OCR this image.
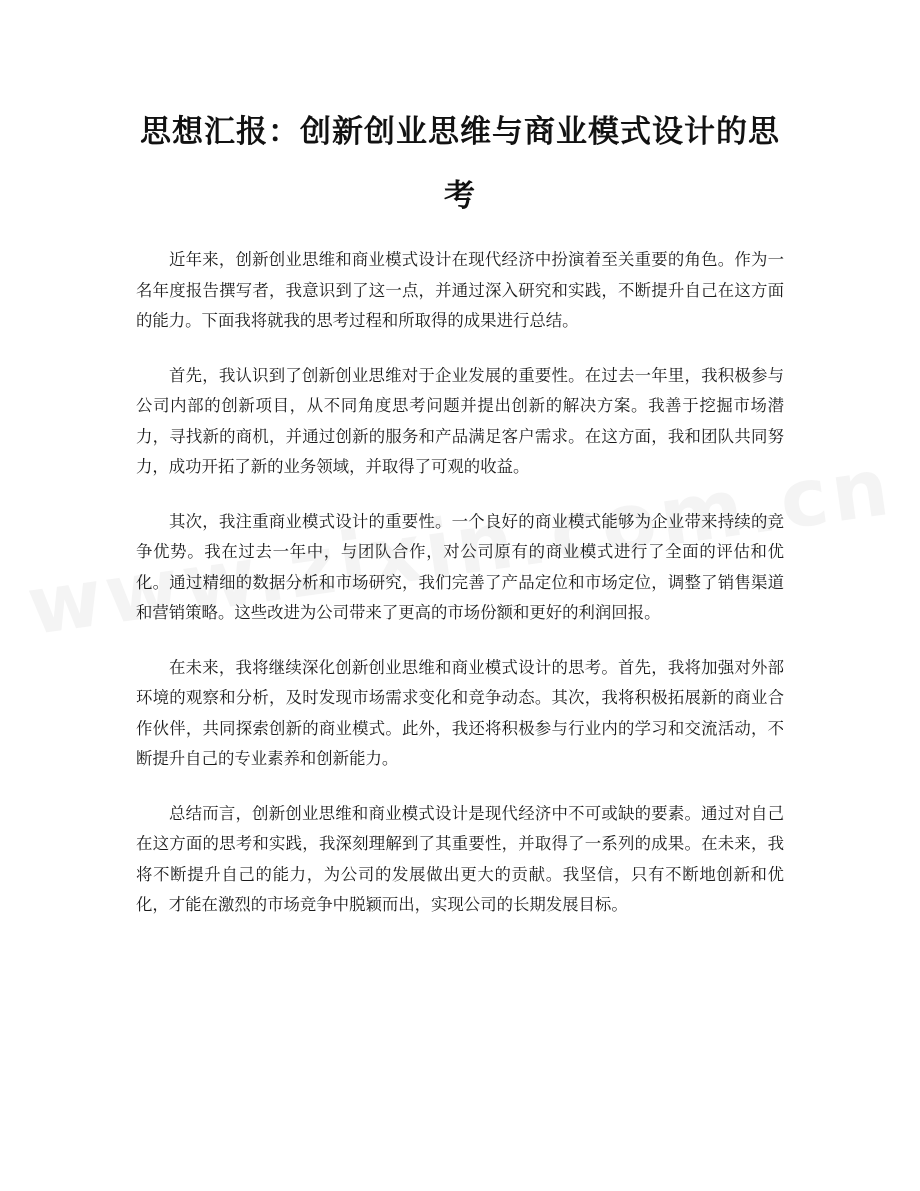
思想汇报：创新创业思维与商业模式设计的思考

近年来，创新创业思维和商业模式设计在现代经济中扮演着至关重要的角色。作为一名年度报告撰写者，我意识到了这一点，并通过深入研究和实践，不断提升自己在这方面的能力。下面我将就我的思考过程和所取得的成果进行总结。

首先，我认识到了创新创业思维对于企业发展的重要性。在过去一年里，我积极参与公司内部的创新项目，从不同角度思考问题并提出创新的解决方案。我善于挖掘市场潜力，寻找新的商机，并通过创新的服务和产品满足客户需求。在这方面，我和团队共同努力，成功开拓了新的业务领域，并取得了可观的收益。

其次，我注重商业模式设计的重要性。一个良好的商业模式能够为企业带来持续的竞争优势。我在过去一年中，与团队合作，对公司原有的商业模式进行了全面的评估和优化。通过精细的数据分析和市场研究，我们完善了产品定位和市场定位，调整了销售渠道和营销策略。这些改进为公司带来了更高的市场份额和更好的利润回报。

在未来，我将继续深化创新创业思维和商业模式设计的思考。首先，我将加强对外部环境的观察和分析，及时发现市场需求变化和竞争动态。其次，我将积极拓展新的商业合作伙伴，共同探索创新的商业模式。此外，我还将积极参与行业内的学习和交流活动，不断提升自己的专业素养和创新能力。

总结而言，创新创业思维和商业模式设计是现代经济中不可或缺的要素。通过对自己在这方面的思考和实践，我深刻理解到了其重要性，并取得了一系列的成果。在未来，我将不断提升自己的能力，为公司的发展做出更大的贡献。我坚信，只有不断地创新和优化，才能在激烈的市场竞争中脱颖而出，实现公司的长期发展目标。
